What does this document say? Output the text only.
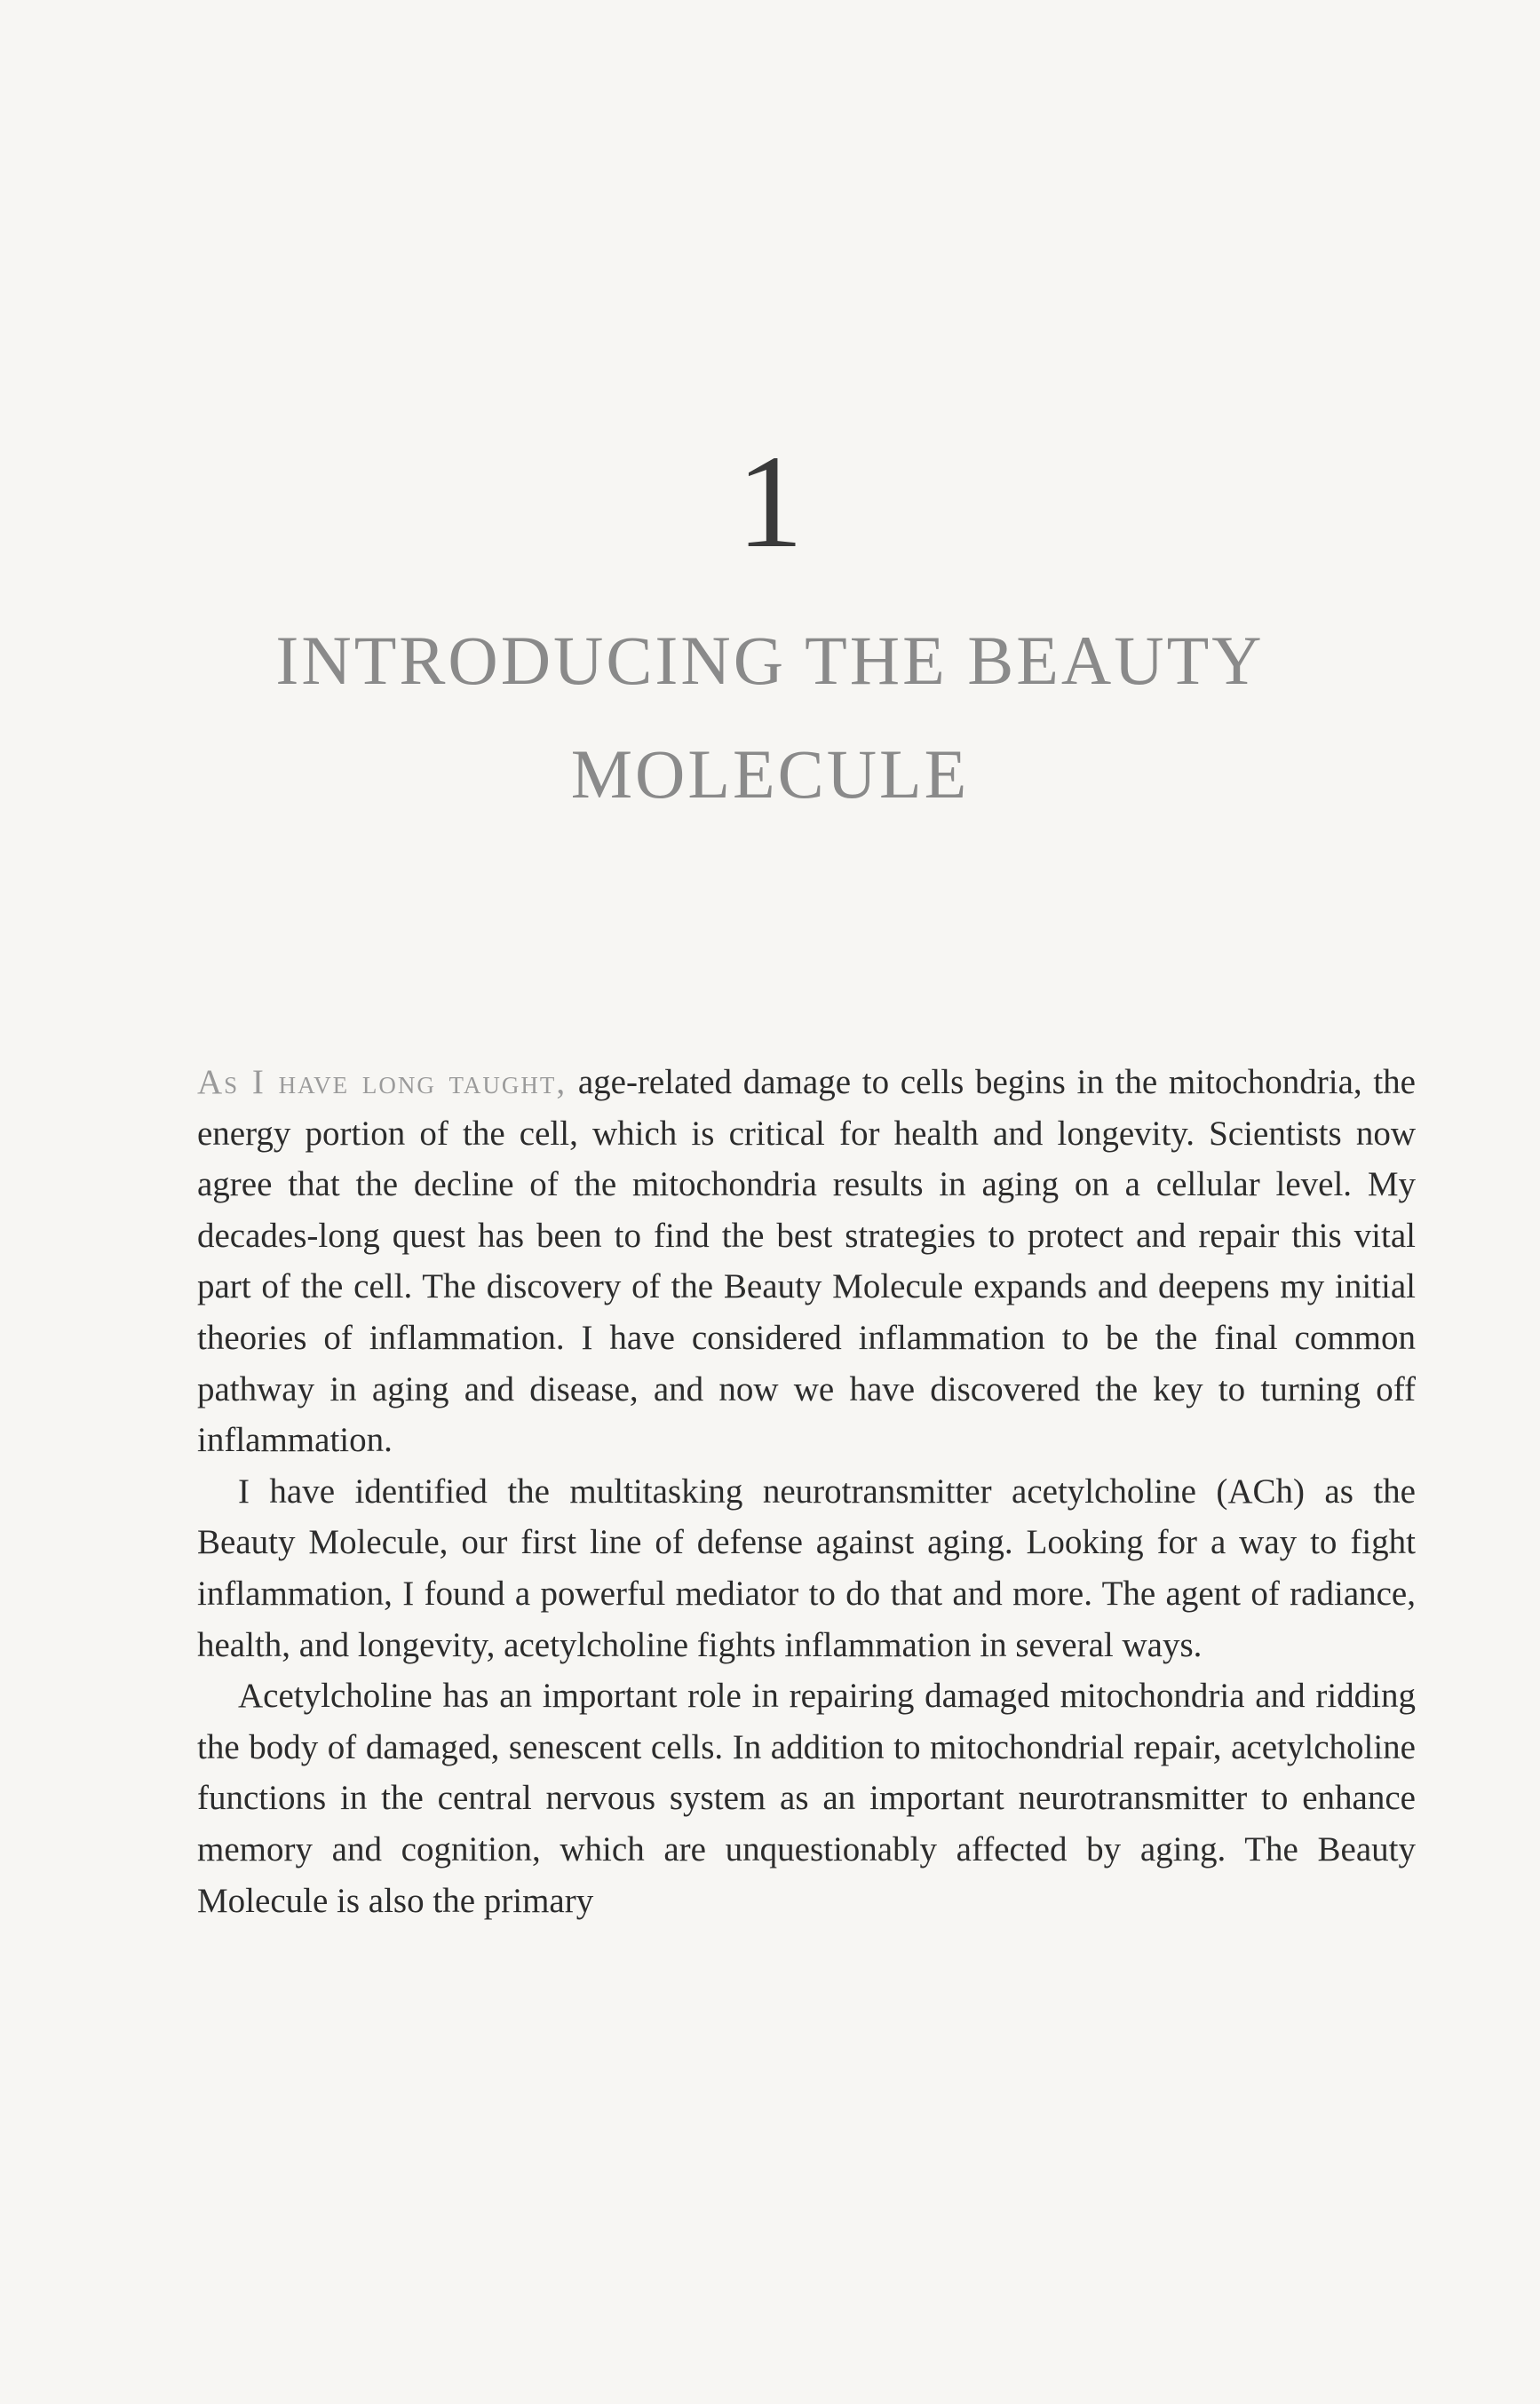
1
INTRODUCING THE BEAUTY
MOLECULE

As I have long taught, age-related damage to cells begins in the mitochondria, the energy portion of the cell, which is critical for health and longevity. Scientists now agree that the decline of the mitochondria results in aging on a cellular level. My decades-long quest has been to find the best strategies to protect and repair this vital part of the cell. The discovery of the Beauty Molecule expands and deepens my initial theories of inflammation. I have considered inflammation to be the final common pathway in aging and disease, and now we have discovered the key to turning off inflammation.

I have identified the multitasking neurotransmitter acetylcholine (ACh) as the Beauty Molecule, our first line of defense against aging. Looking for a way to fight inflammation, I found a powerful mediator to do that and more. The agent of radiance, health, and longevity, acetylcholine fights inflammation in several ways.

Acetylcholine has an important role in repairing damaged mitochondria and ridding the body of damaged, senescent cells. In addition to mitochondrial repair, acetylcholine functions in the central nervous system as an important neurotransmitter to enhance memory and cognition, which are unquestionably affected by aging. The Beauty Molecule is also the primary
